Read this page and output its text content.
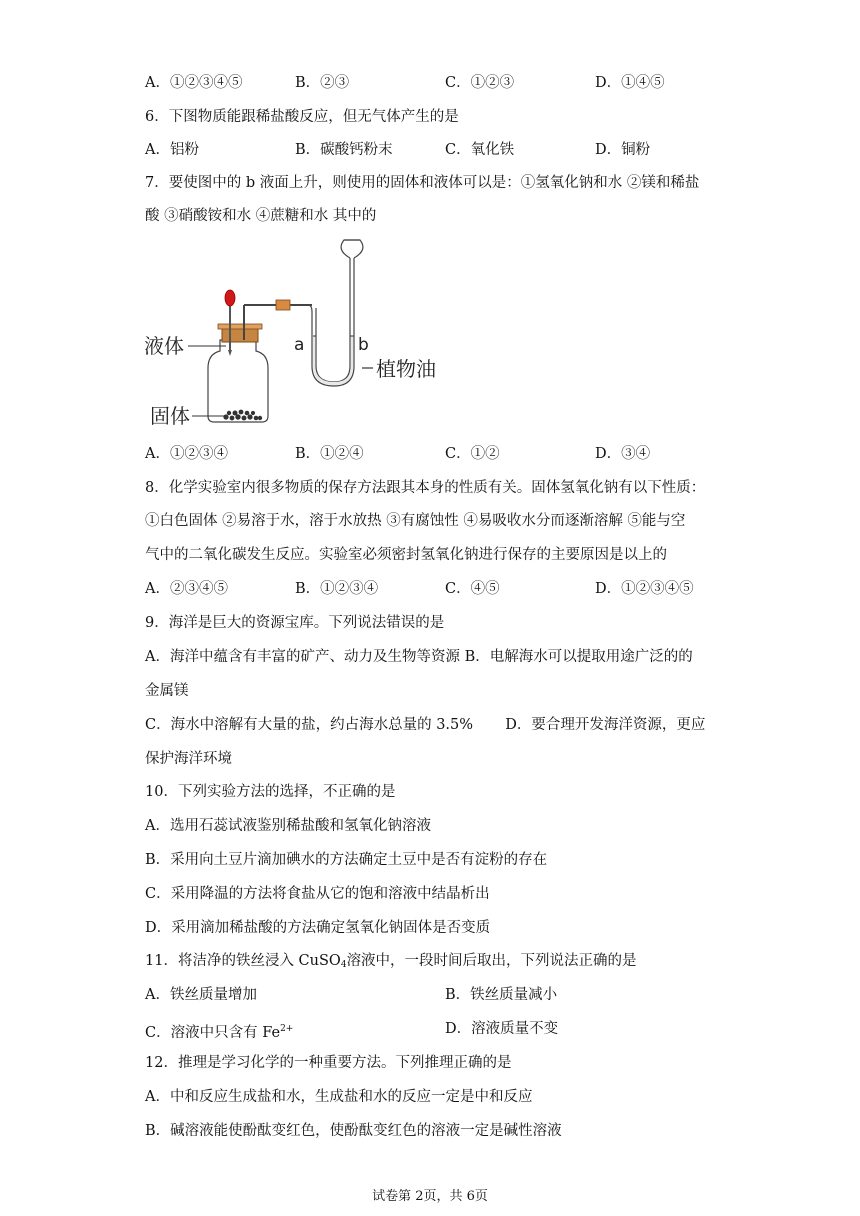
A．①②③④⑤	B．②③	C．①②③	D．①④⑤
6．下图物质能跟稀盐酸反应，但无气体产生的是
A．铝粉	B．碳酸钙粉末	C．氧化铁	D．铜粉
7．要使图中的 b 液面上升，则使用的固体和液体可以是：①氢氧化钠和水 ②镁和稀盐
酸 ③硝酸铵和水 ④蔗糖和水 其中的
液体
固体
a	b
植物油
A．①②③④	B．①②④	C．①②	D．③④
8．化学实验室内很多物质的保存方法跟其本身的性质有关。固体氢氧化钠有以下性质：
①白色固体 ②易溶于水，溶于水放热 ③有腐蚀性 ④易吸收水分而逐渐溶解 ⑤能与空
气中的二氧化碳发生反应。实验室必须密封氢氧化钠进行保存的主要原因是以上的
A．②③④⑤	B．①②③④	C．④⑤	D．①②③④⑤
9．海洋是巨大的资源宝库。下列说法错误的是
A．海洋中蕴含有丰富的矿产、动力及生物等资源 B．电解海水可以提取用途广泛的的
金属镁
C．海水中溶解有大量的盐，约占海水总量的 3.5%       D．要合理开发海洋资源，更应
保护海洋环境
10．下列实验方法的选择，不正确的是
A．选用石蕊试液鉴别稀盐酸和氢氧化钠溶液
B．采用向土豆片滴加碘水的方法确定土豆中是否有淀粉的存在
C．采用降温的方法将食盐从它的饱和溶液中结晶析出
D．采用滴加稀盐酸的方法确定氢氧化钠固体是否变质
11．将洁净的铁丝浸入 CuSO$_4$溶液中，一段时间后取出，下列说法正确的是
A．铁丝质量增加	B．铁丝质量减小
C．溶液中只含有 $Fe^{2+}$	D．溶液质量不变
12．推理是学习化学的一种重要方法。下列推理正确的是
A．中和反应生成盐和水，生成盐和水的反应一定是中和反应
B．碱溶液能使酚酞变红色，使酚酞变红色的溶液一定是碱性溶液
试卷第 2页，共 6页
